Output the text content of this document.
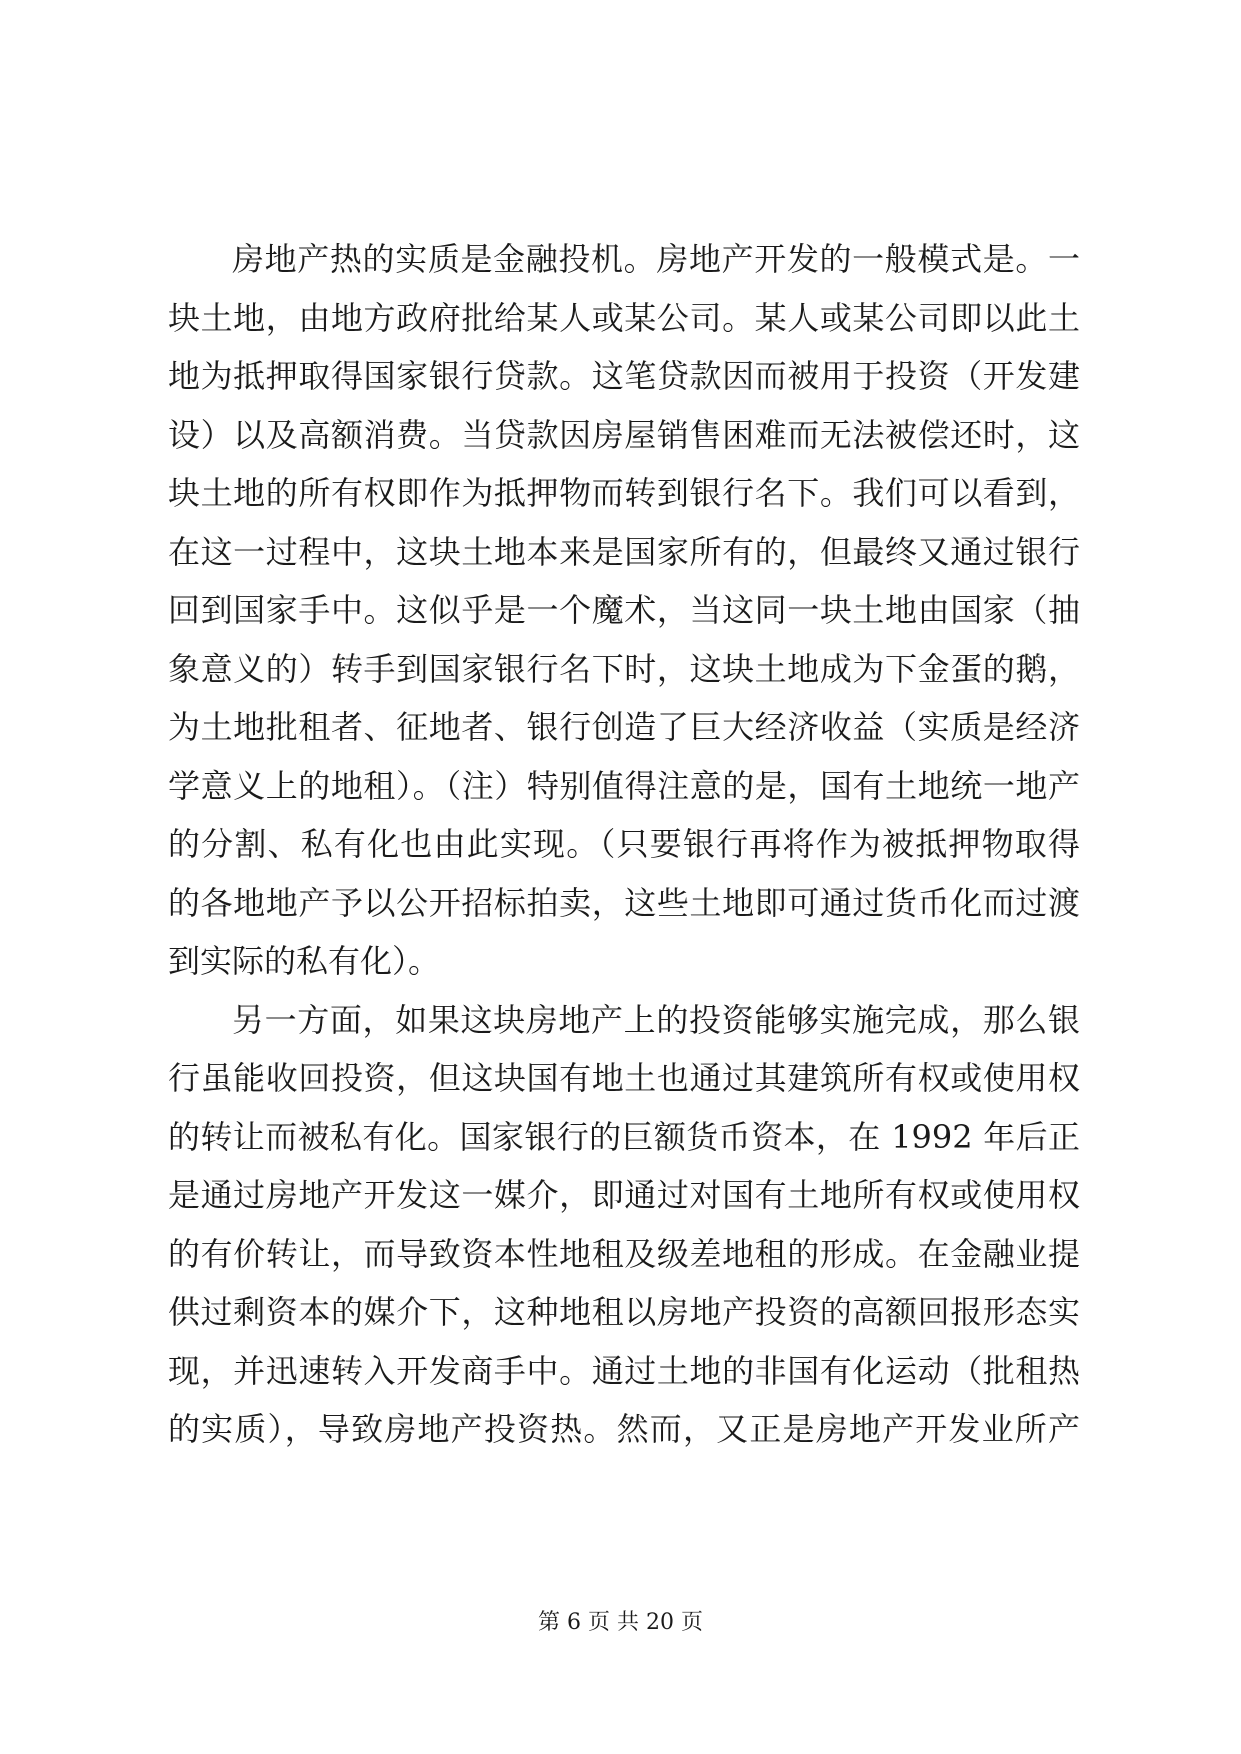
房地产热的实质是金融投机。房地产开发的一般模式是。一
块土地，由地方政府批给某人或某公司。某人或某公司即以此土
地为抵押取得国家银行贷款。这笔贷款因而被用于投资（开发建
设）以及高额消费。当贷款因房屋销售困难而无法被偿还时，这
块土地的所有权即作为抵押物而转到银行名下。我们可以看到，
在这一过程中，这块土地本来是国家所有的，但最终又通过银行
回到国家手中。这似乎是一个魔术，当这同一块土地由国家（抽
象意义的）转手到国家银行名下时，这块土地成为下金蛋的鹅，
为土地批租者、征地者、银行创造了巨大经济收益（实质是经济
学意义上的地租）。（注）特别值得注意的是，国有土地统一地产
的分割、私有化也由此实现。（只要银行再将作为被抵押物取得
的各地地产予以公开招标拍卖，这些土地即可通过货币化而过渡
到实际的私有化）。
另一方面，如果这块房地产上的投资能够实施完成，那么银
行虽能收回投资，但这块国有地土也通过其建筑所有权或使用权
的转让而被私有化。国家银行的巨额货币资本，在 1992 年后正
是通过房地产开发这一媒介，即通过对国有土地所有权或使用权
的有价转让，而导致资本性地租及级差地租的形成。在金融业提
供过剩资本的媒介下，这种地租以房地产投资的高额回报形态实
现，并迅速转入开发商手中。通过土地的非国有化运动（批租热
的实质），导致房地产投资热。然而，又正是房地产开发业所产
第 6 页 共 20 页
